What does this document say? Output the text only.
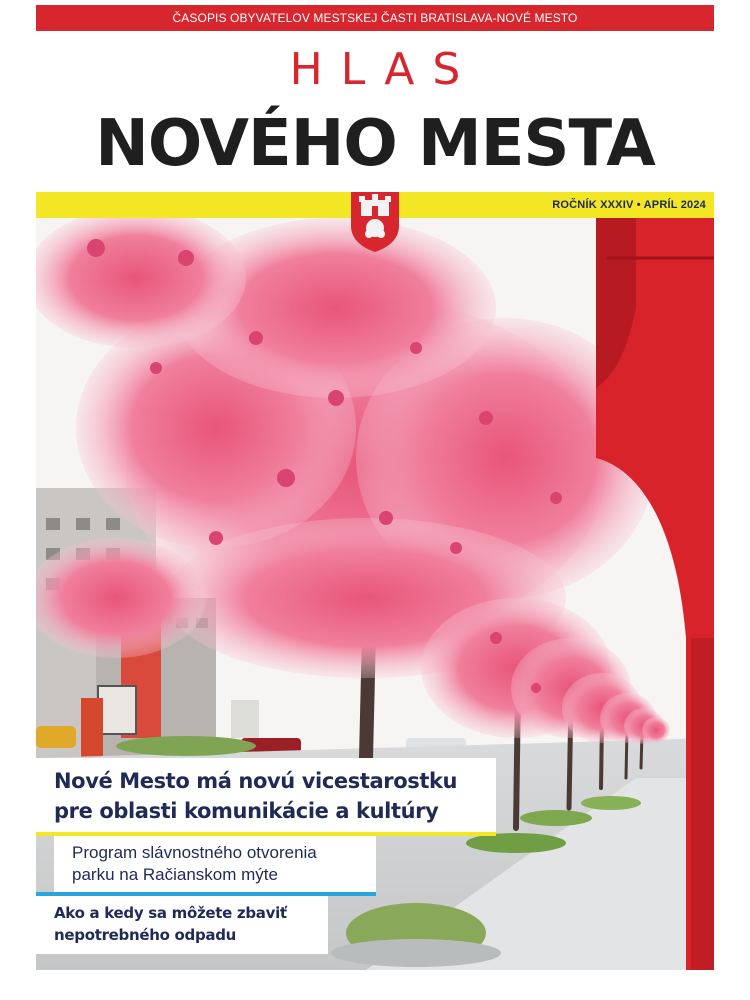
ČASOPIS OBYVATELOV MESTSKEJ ČASTI BRATISLAVA-NOVÉ MESTO
HLAS
NOVÉHO MESTA
ROČNÍK XXXIV • APRÍL 2024
Nové Mesto má novú vicestarostku
pre oblasti komunikácie a kultúry
Program slávnostného otvorenia
parku na Račianskom mýte
Ako a kedy sa môžete zbaviť
nepotrebného odpadu
